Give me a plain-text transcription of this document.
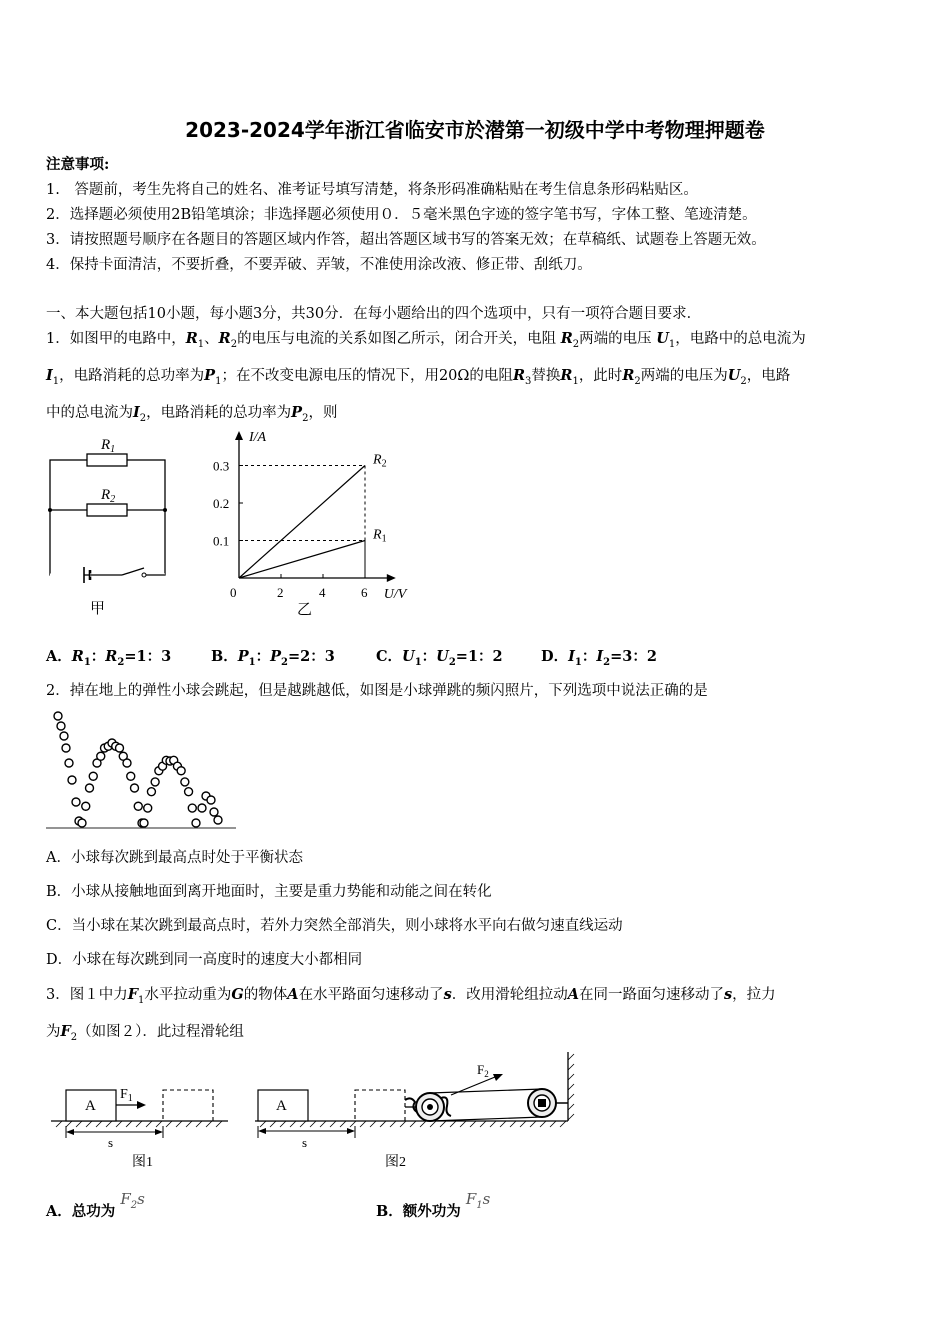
2023-2024学年浙江省临安市於潜第一初级中学中考物理押题卷
注意事项:
1.　答题前，考生先将自己的姓名、准考证号填写清楚，将条形码准确粘贴在考生信息条形码粘贴区。
2．选择题必须使用2B铅笔填涂；非选择题必须使用０．５毫米黑色字迹的签字笔书写，字体工整、笔迹清楚。
3．请按照题号顺序在各题目的答题区域内作答，超出答题区域书写的答案无效；在草稿纸、试题卷上答题无效。
4．保持卡面清洁，不要折叠，不要弄破、弄皱，不准使用涂改液、修正带、刮纸刀。
一、本大题包括10小题，每小题3分，共30分．在每小题给出的四个选项中，只有一项符合题目要求．
1．如图甲的电路中，$R_1$、$R_2$的电压与电流的关系如图乙所示，闭合开关，电阻 $R_2$两端的电压 $U_1$，电路中的总电流为
$I_1$，电路消耗的总功率为$P_1$；在不改变电源电压的情况下，用20Ω的电阻$R_3$替换$R_1$，此时$R_2$两端的电压为$U_2$，电路
中的总电流为$I_2$，电路消耗的总功率为$P_2$，则
$R_1$
$R_2$
甲
I/A
U/V
0	2	4	6
0.1
0.2
0.3	$R_2$
$R_1$
乙
A．$R_1$：$R_2=1$：3	B．$P_1$：$P_2=2$：3	C．$U_1$：$U_2=1$：2	D．$I_1$：$I_2=3$：2
2．掉在地上的弹性小球会跳起，但是越跳越低，如图是小球弹跳的频闪照片，下列选项中说法正确的是
A．小球每次跳到最高点时处于平衡状态
B．小球从接触地面到离开地面时，主要是重力势能和动能之间在转化
C．当小球在某次跳到最高点时，若外力突然全部消失，则小球将水平向右做匀速直线运动
D．小球在每次跳到同一高度时的速度大小都相同
3．图１中力$F_1$水平拉动重为G的物体A在水平路面匀速移动了s．改用滑轮组拉动A在同一路面匀速移动了s，拉力
为$F_2$（如图２）．此过程滑轮组
A
$F_1$
s
图1
A
$F_2$
s
图2
A．总功为 $F_2s$
B．额外功为 $F_1s$
